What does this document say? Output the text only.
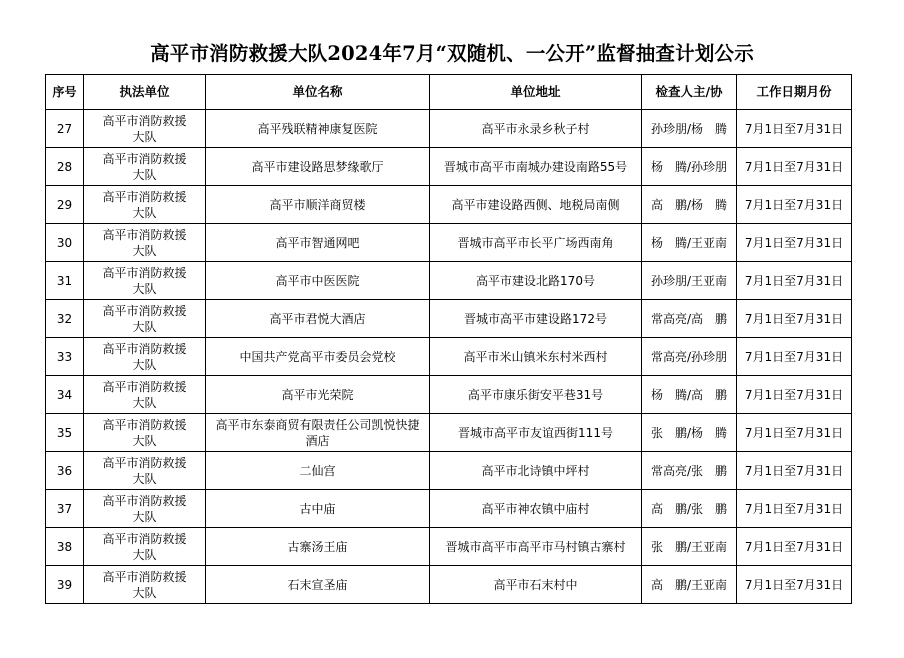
高平市消防救援大队2024年7月“双随机、一公开”监督抽查计划公示
序号	执法单位	单位名称	单位地址	检查人主/协	工作日期月份
27	高平市消防救援大队	高平残联精神康复医院	高平市永录乡秋子村	孙珍朋/杨　腾	7月1日至7月31日
28	高平市消防救援大队	高平市建设路思梦缘歌厅	晋城市高平市南城办建设南路55号	杨　腾/孙珍朋	7月1日至7月31日
29	高平市消防救援大队	高平市顺洋商贸楼	高平市建设路西侧、地税局南侧	高　鹏/杨　腾	7月1日至7月31日
30	高平市消防救援大队	高平市智通网吧	晋城市高平市长平广场西南角	杨　腾/王亚南	7月1日至7月31日
31	高平市消防救援大队	高平市中医医院	高平市建设北路170号	孙珍朋/王亚南	7月1日至7月31日
32	高平市消防救援大队	高平市君悦大酒店	晋城市高平市建设路172号	常高亮/高　鹏	7月1日至7月31日
33	高平市消防救援大队	中国共产党高平市委员会党校	高平市米山镇米东村米西村	常高亮/孙珍朋	7月1日至7月31日
34	高平市消防救援大队	高平市光荣院	高平市康乐街安平巷31号	杨　腾/高　鹏	7月1日至7月31日
35	高平市消防救援大队	高平市东泰商贸有限责任公司凯悦快捷酒店	晋城市高平市友谊西街111号	张　鹏/杨　腾	7月1日至7月31日
36	高平市消防救援大队	二仙宫	高平市北诗镇中坪村	常高亮/张　鹏	7月1日至7月31日
37	高平市消防救援大队	古中庙	高平市神农镇中庙村	高　鹏/张　鹏	7月1日至7月31日
38	高平市消防救援大队	古寨汤王庙	晋城市高平市高平市马村镇古寨村	张　鹏/王亚南	7月1日至7月31日
39	高平市消防救援大队	石末宣圣庙	高平市石末村中	高　鹏/王亚南	7月1日至7月31日
